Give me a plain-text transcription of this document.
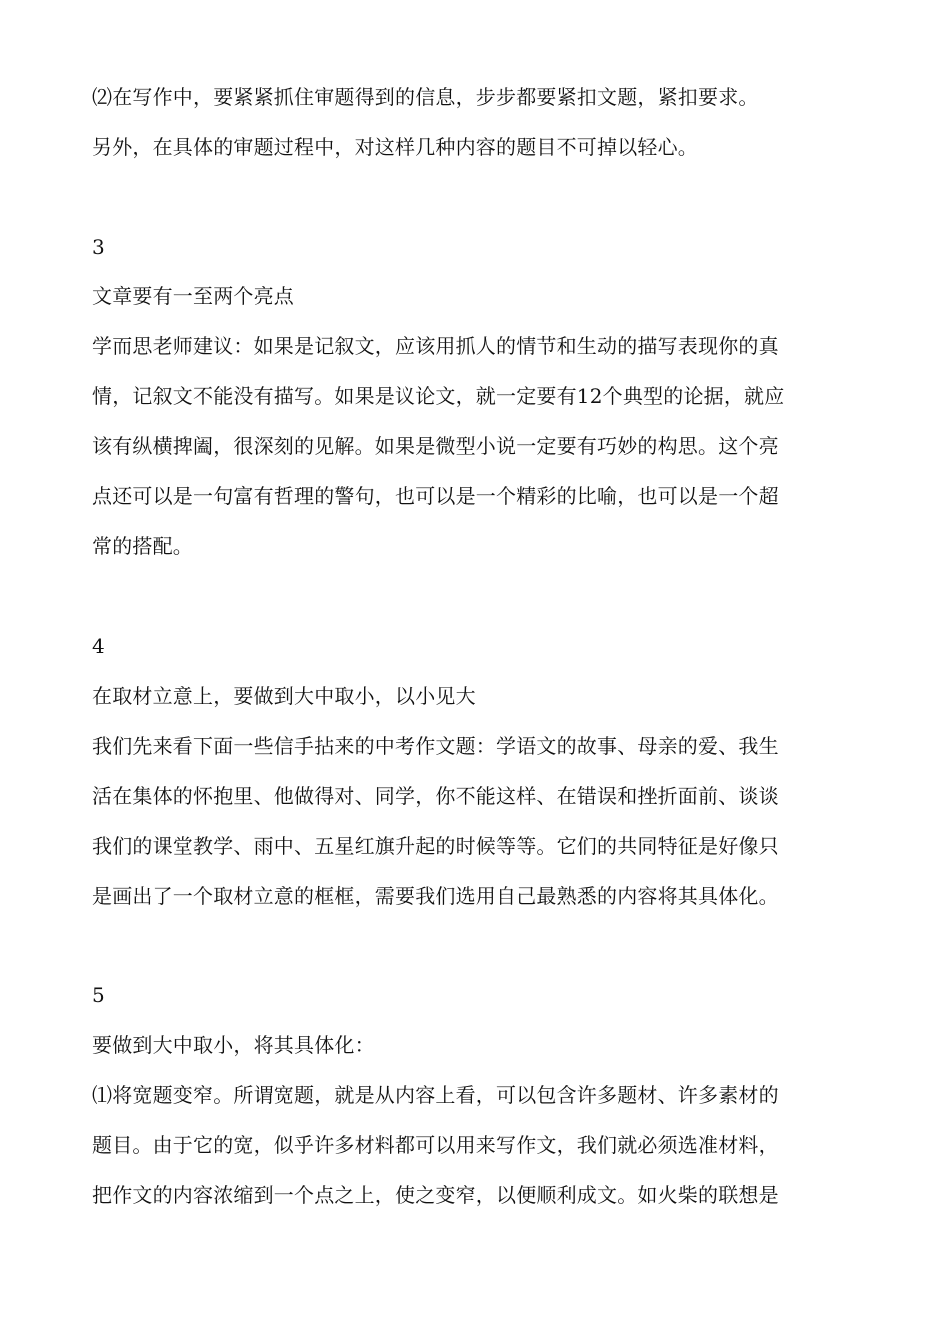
⑵在写作中，要紧紧抓住审题得到的信息，步步都要紧扣文题，紧扣要求。
另外，在具体的审题过程中，对这样几种内容的题目不可掉以轻心。
3
文章要有一至两个亮点
学而思老师建议：如果是记叙文，应该用抓人的情节和生动的描写表现你的真
情，记叙文不能没有描写。如果是议论文，就一定要有12个典型的论据，就应
该有纵横捭阖，很深刻的见解。如果是微型小说一定要有巧妙的构思。这个亮
点还可以是一句富有哲理的警句，也可以是一个精彩的比喻，也可以是一个超
常的搭配。
4
在取材立意上，要做到大中取小，以小见大
我们先来看下面一些信手拈来的中考作文题：学语文的故事、母亲的爱、我生
活在集体的怀抱里、他做得对、同学，你不能这样、在错误和挫折面前、谈谈
我们的课堂教学、雨中、五星红旗升起的时候等等。它们的共同特征是好像只
是画出了一个取材立意的框框，需要我们选用自己最熟悉的内容将其具体化。
5
要做到大中取小，将其具体化：
⑴将宽题变窄。所谓宽题，就是从内容上看，可以包含许多题材、许多素材的
题目。由于它的宽，似乎许多材料都可以用来写作文，我们就必须选准材料，
把作文的内容浓缩到一个点之上，使之变窄，以便顺利成文。如火柴的联想是
